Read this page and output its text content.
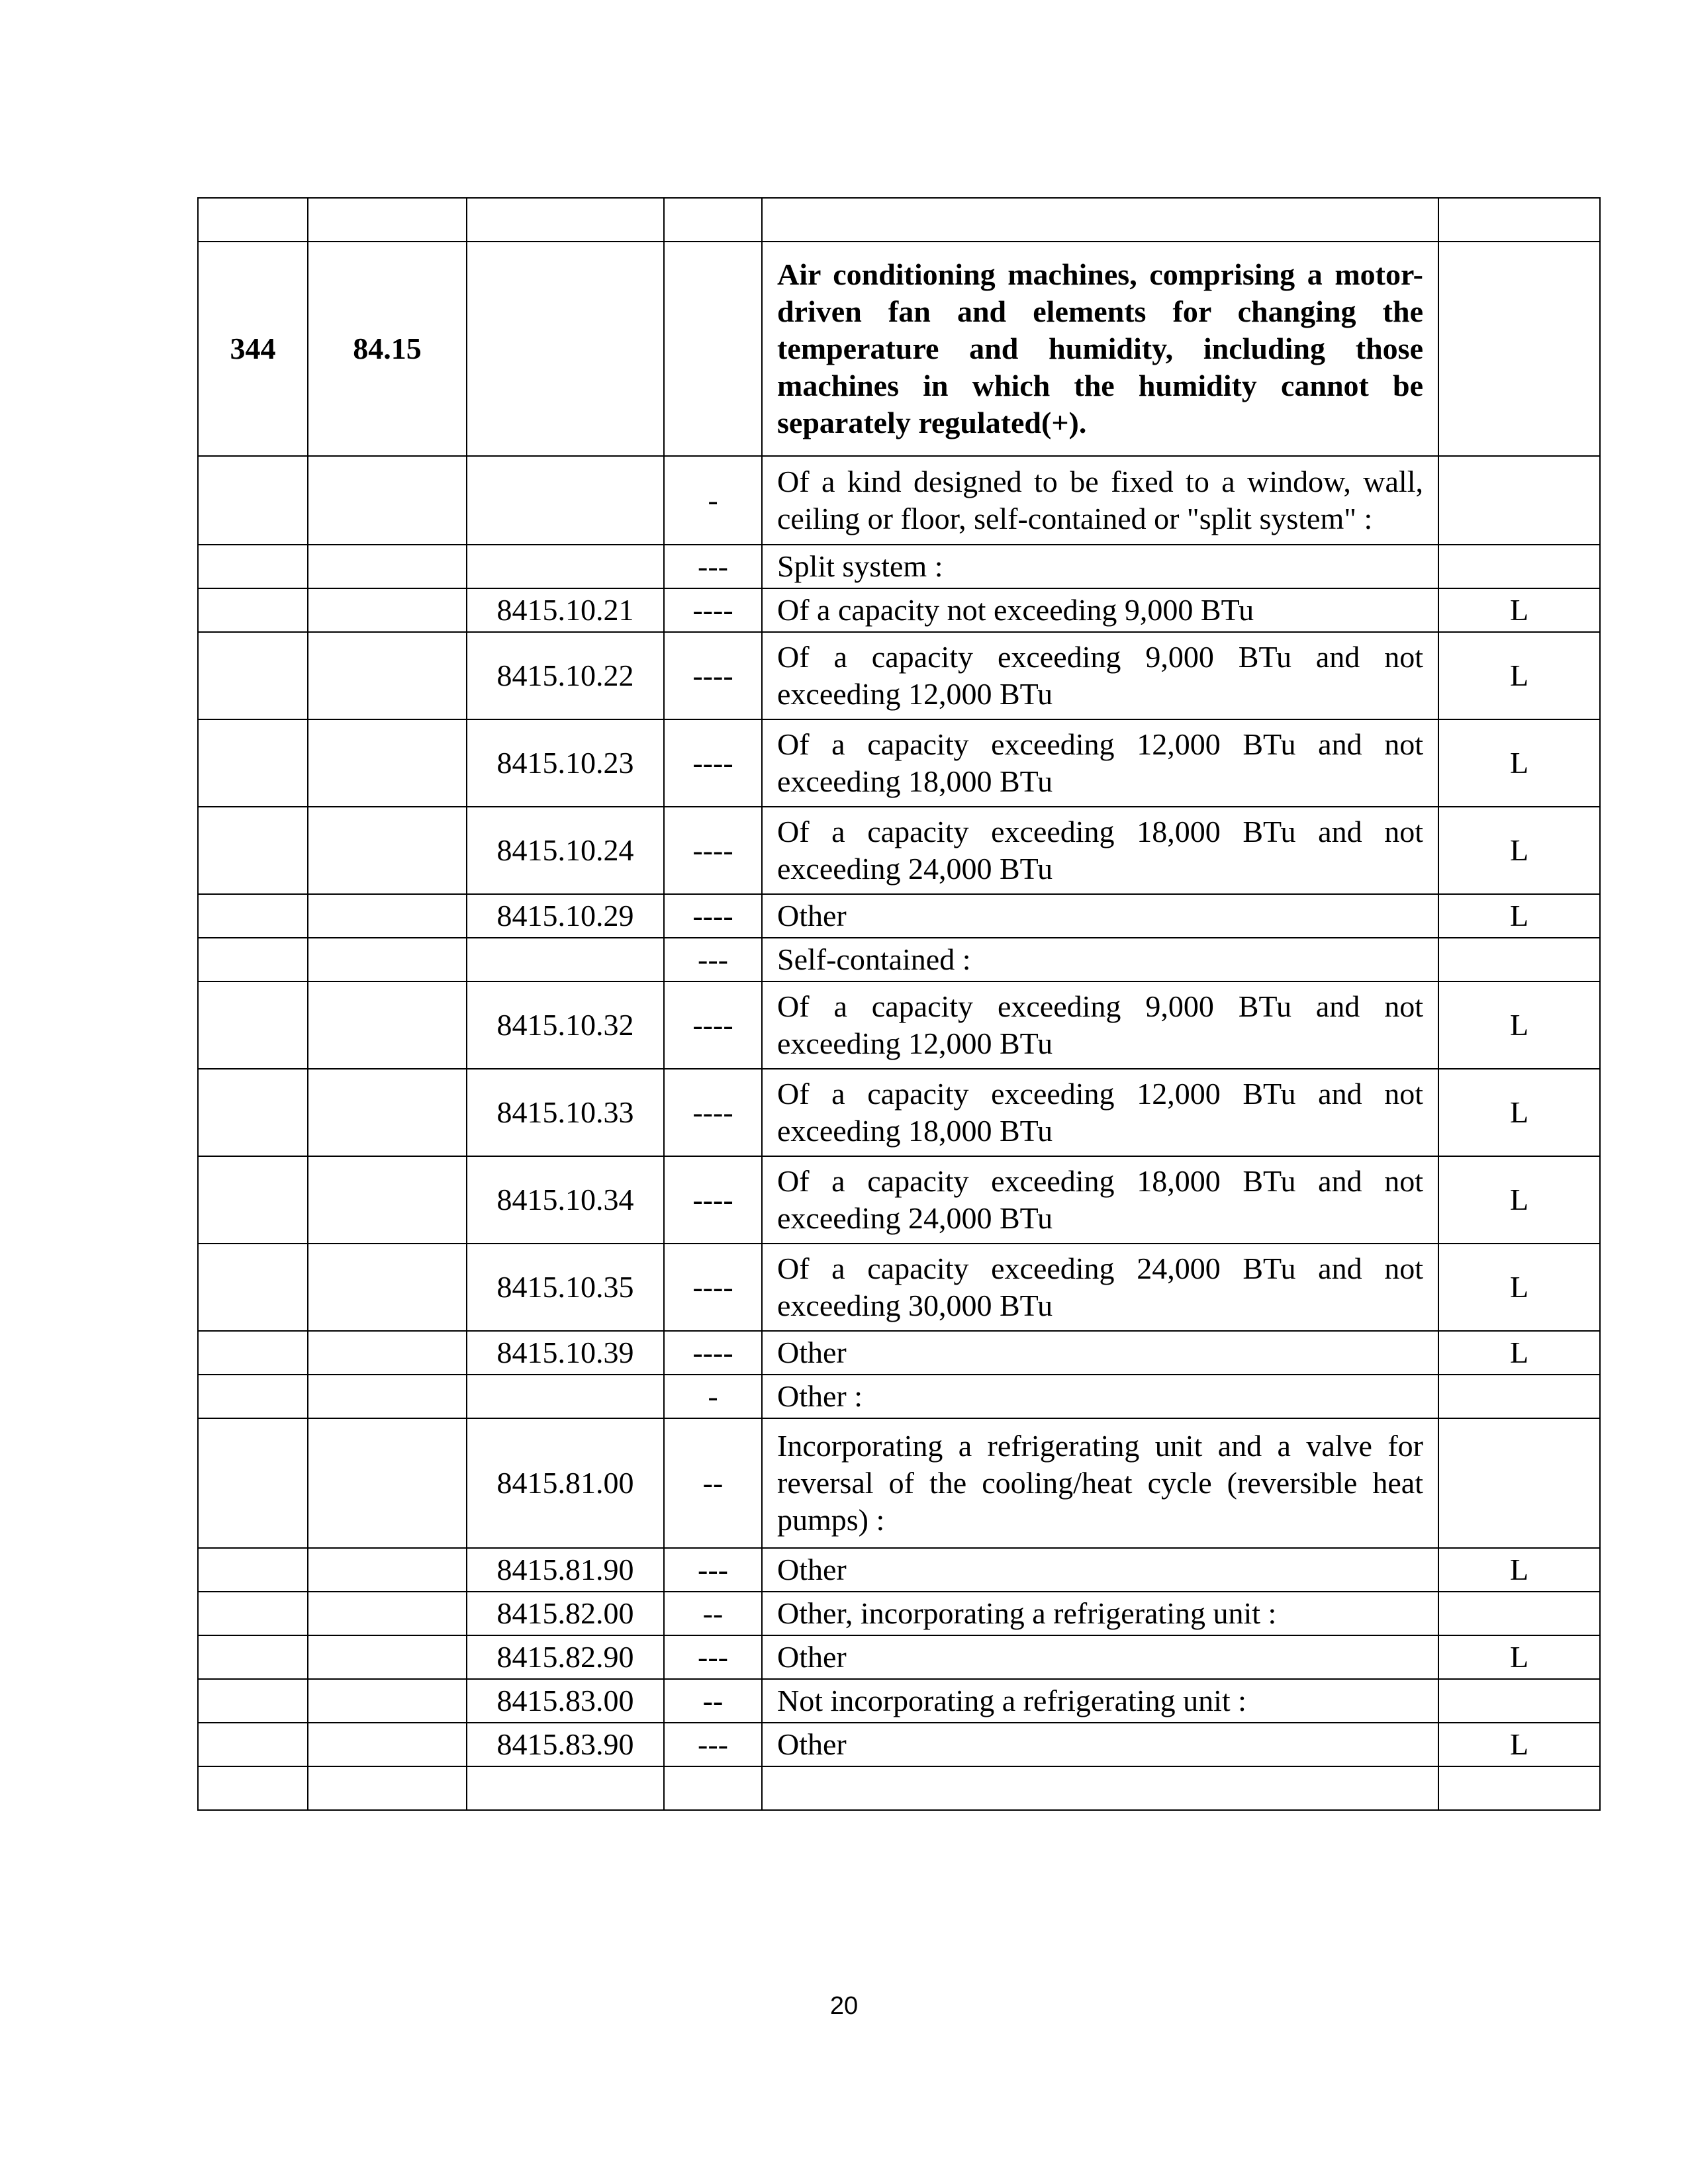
344	84.15			Air conditioning machines, comprising a motor-driven fan and elements for changing the temperature and humidity, including those machines in which the humidity cannot be separately regulated(+).	
			-	Of a kind designed to be fixed to a window, wall, ceiling or floor, self-contained or "split system" :	
			---	Split system :	
		8415.10.21	----	Of a capacity not exceeding 9,000 BTu	L
		8415.10.22	----	Of a capacity exceeding 9,000 BTu and not exceeding 12,000 BTu	L
		8415.10.23	----	Of a capacity exceeding 12,000 BTu and not exceeding 18,000 BTu	L
		8415.10.24	----	Of a capacity exceeding 18,000 BTu and not exceeding 24,000 BTu	L
		8415.10.29	----	Other	L
			---	Self-contained :	
		8415.10.32	----	Of a capacity exceeding 9,000 BTu and not exceeding 12,000 BTu	L
		8415.10.33	----	Of a capacity exceeding 12,000 BTu and not exceeding 18,000 BTu	L
		8415.10.34	----	Of a capacity exceeding 18,000 BTu and not exceeding 24,000 BTu	L
		8415.10.35	----	Of a capacity exceeding 24,000 BTu and not exceeding 30,000 BTu	L
		8415.10.39	----	Other	L
			-	Other :	
		8415.81.00	--	Incorporating a refrigerating unit and a valve for reversal of the cooling/heat cycle (reversible heat pumps) :	
		8415.81.90	---	Other	L
		8415.82.00	--	Other, incorporating a refrigerating unit :	
		8415.82.90	---	Other	L
		8415.83.00	--	Not incorporating a refrigerating unit :	
		8415.83.90	---	Other	L

20
